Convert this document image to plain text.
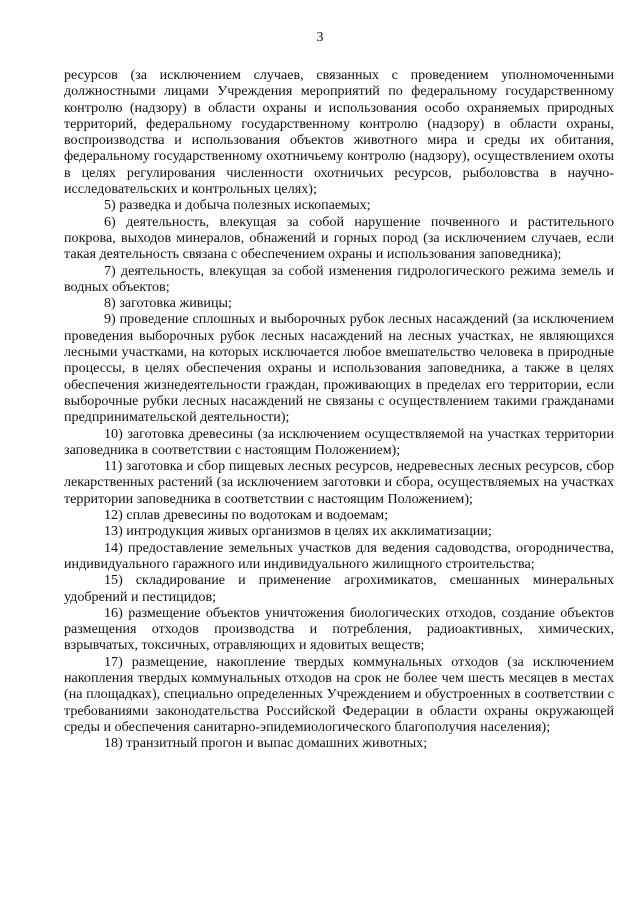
3

ресурсов (за исключением случаев, связанных с проведением уполномоченными должностными лицами Учреждения мероприятий по федеральному государственному контролю (надзору) в области охраны и использования особо охраняемых природных территорий, федеральному государственному контролю (надзору) в области охраны, воспроизводства и использования объектов животного мира и среды их обитания, федеральному государственному охотничьему контролю (надзору), осуществлением охоты в целях регулирования численности охотничьих ресурсов, рыболовства в научно-исследовательских и контрольных целях);

5) разведка и добыча полезных ископаемых;

6) деятельность, влекущая за собой нарушение почвенного и растительного покрова, выходов минералов, обнажений и горных пород (за исключением случаев, если такая деятельность связана с обеспечением охраны и использования заповедника);

7) деятельность, влекущая за собой изменения гидрологического режима земель и водных объектов;

8) заготовка живицы;

9) проведение сплошных и выборочных рубок лесных насаждений (за исключением проведения выборочных рубок лесных насаждений на лесных участках, не являющихся лесными участками, на которых исключается любое вмешательство человека в природные процессы, в целях обеспечения охраны и использования заповедника, а также в целях обеспечения жизнедеятельности граждан, проживающих в пределах его территории, если выборочные рубки лесных насаждений не связаны с осуществлением такими гражданами предпринимательской деятельности);

10) заготовка древесины (за исключением осуществляемой на участках территории заповедника в соответствии с настоящим Положением);

11) заготовка и сбор пищевых лесных ресурсов, недревесных лесных ресурсов, сбор лекарственных растений (за исключением заготовки и сбора, осуществляемых на участках территории заповедника в соответствии с настоящим Положением);

12) сплав древесины по водотокам и водоемам;

13) интродукция живых организмов в целях их акклиматизации;

14) предоставление земельных участков для ведения садоводства, огородничества, индивидуального гаражного или индивидуального жилищного строительства;

15) складирование и применение агрохимикатов, смешанных минеральных удобрений и пестицидов;

16) размещение объектов уничтожения биологических отходов, создание объектов размещения отходов производства и потребления, радиоактивных, химических, взрывчатых, токсичных, отравляющих и ядовитых веществ;

17) размещение, накопление твердых коммунальных отходов (за исключением накопления твердых коммунальных отходов на срок не более чем шесть месяцев в местах (на площадках), специально определенных Учреждением и обустроенных в соответствии с требованиями законодательства Российской Федерации в области охраны окружающей среды и обеспечения санитарно-эпидемиологического благополучия населения);

18) транзитный прогон и выпас домашних животных;
